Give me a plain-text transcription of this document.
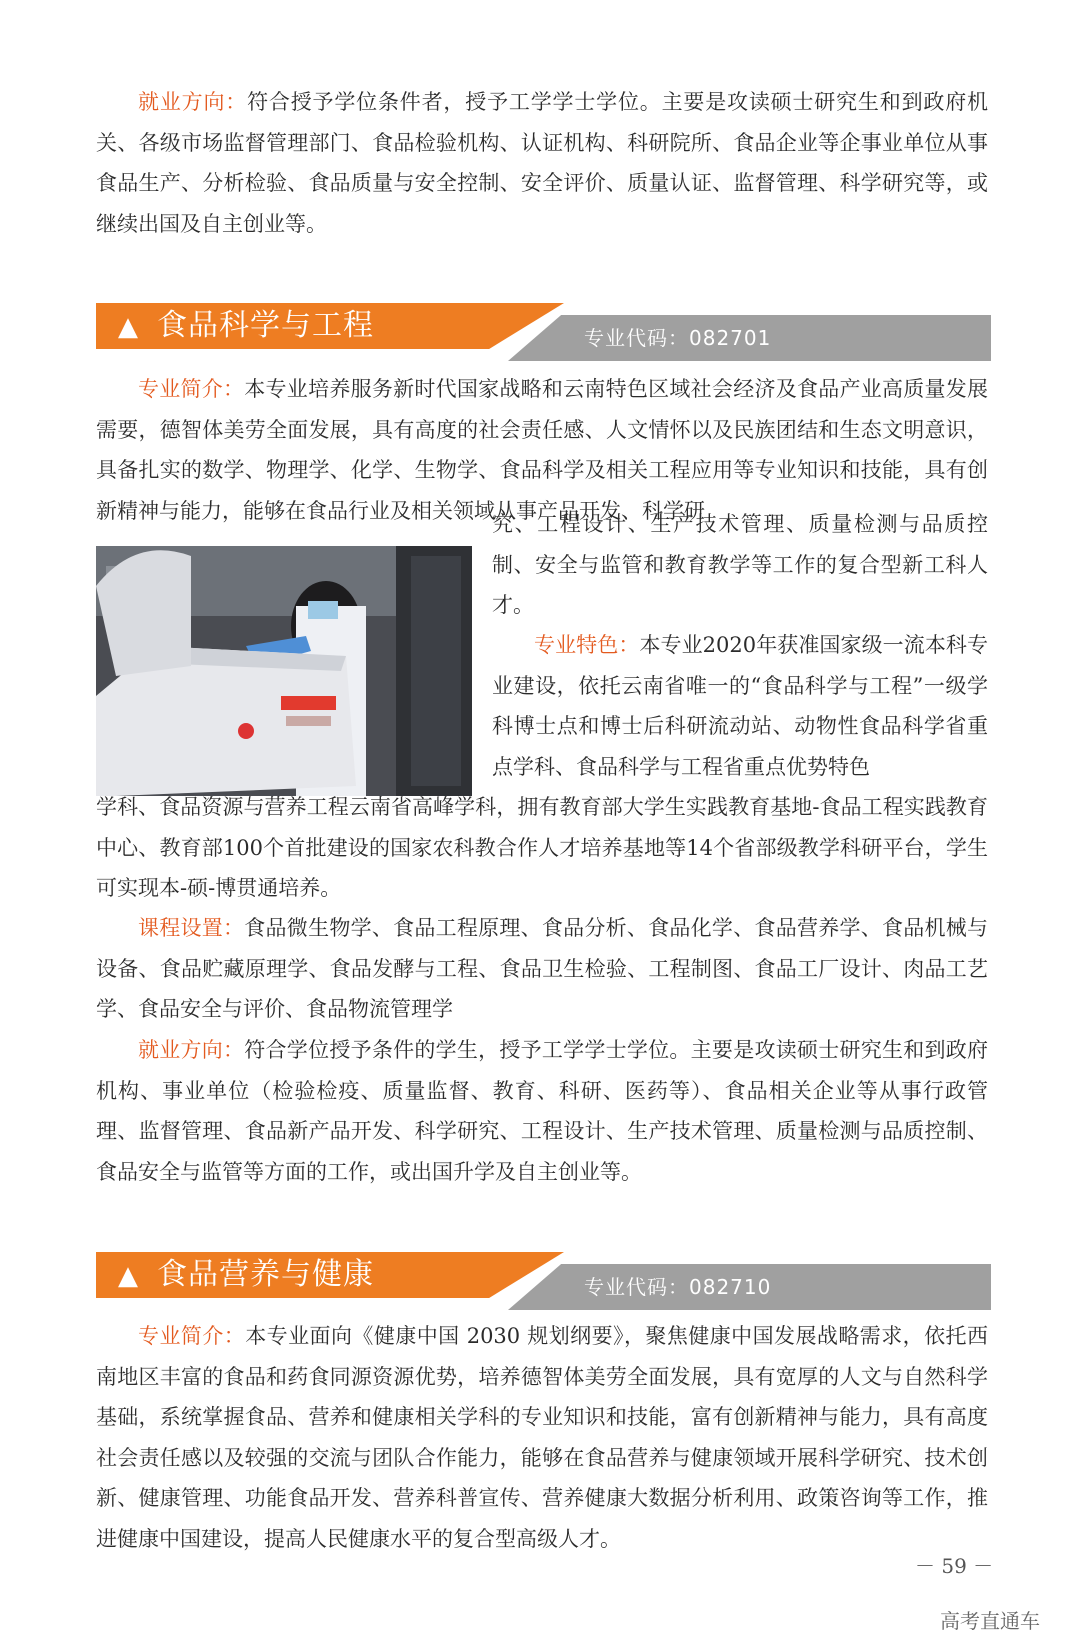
就业方向：符合授予学位条件者，授予工学学士学位。主要是攻读硕士研究生和到政府机关、各级市场监督管理部门、食品检验机构、认证机构、科研院所、食品企业等企事业单位从事食品生产、分析检验、食品质量与安全控制、安全评价、质量认证、监督管理、科学研究等，或继续出国及自主创业等。

▲ 食品科学与工程	专业代码：082701

专业简介：本专业培养服务新时代国家战略和云南特色区域社会经济及食品产业高质量发展需要，德智体美劳全面发展，具有高度的社会责任感、人文情怀以及民族团结和生态文明意识，具备扎实的数学、物理学、化学、生物学、食品科学及相关工程应用等专业知识和技能，具有创新精神与能力，能够在食品行业及相关领域从事产品开发、科学研

究、工程设计、生产技术管理、质量检测与品质控制、安全与监管和教育教学等工作的复合型新工科人才。

专业特色：本专业2020年获准国家级一流本科专业建设，依托云南省唯一的“食品科学与工程”一级学科博士点和博士后科研流动站、动物性食品科学省重点学科、食品科学与工程省重点优势特色

学科、食品资源与营养工程云南省高峰学科，拥有教育部大学生实践教育基地-食品工程实践教育中心、教育部100个首批建设的国家农科教合作人才培养基地等14个省部级教学科研平台，学生可实现本-硕-博贯通培养。

课程设置：食品微生物学、食品工程原理、食品分析、食品化学、食品营养学、食品机械与设备、食品贮藏原理学、食品发酵与工程、食品卫生检验、工程制图、食品工厂设计、肉品工艺学、食品安全与评价、食品物流管理学

就业方向：符合学位授予条件的学生，授予工学学士学位。主要是攻读硕士研究生和到政府机构、事业单位（检验检疫、质量监督、教育、科研、医药等）、食品相关企业等从事行政管理、监督管理、食品新产品开发、科学研究、工程设计、生产技术管理、质量检测与品质控制、食品安全与监管等方面的工作，或出国升学及自主创业等。

▲ 食品营养与健康	专业代码：082710

专业简介：本专业面向《健康中国 2030 规划纲要》，聚焦健康中国发展战略需求，依托西南地区丰富的食品和药食同源资源优势，培养德智体美劳全面发展，具有宽厚的人文与自然科学基础，系统掌握食品、营养和健康相关学科的专业知识和技能，富有创新精神与能力，具有高度社会责任感以及较强的交流与团队合作能力，能够在食品营养与健康领域开展科学研究、技术创新、健康管理、功能食品开发、营养科普宣传、营养健康大数据分析利用、政策咨询等工作，推进健康中国建设，提高人民健康水平的复合型高级人才。

－ 59 －
高考直通车
